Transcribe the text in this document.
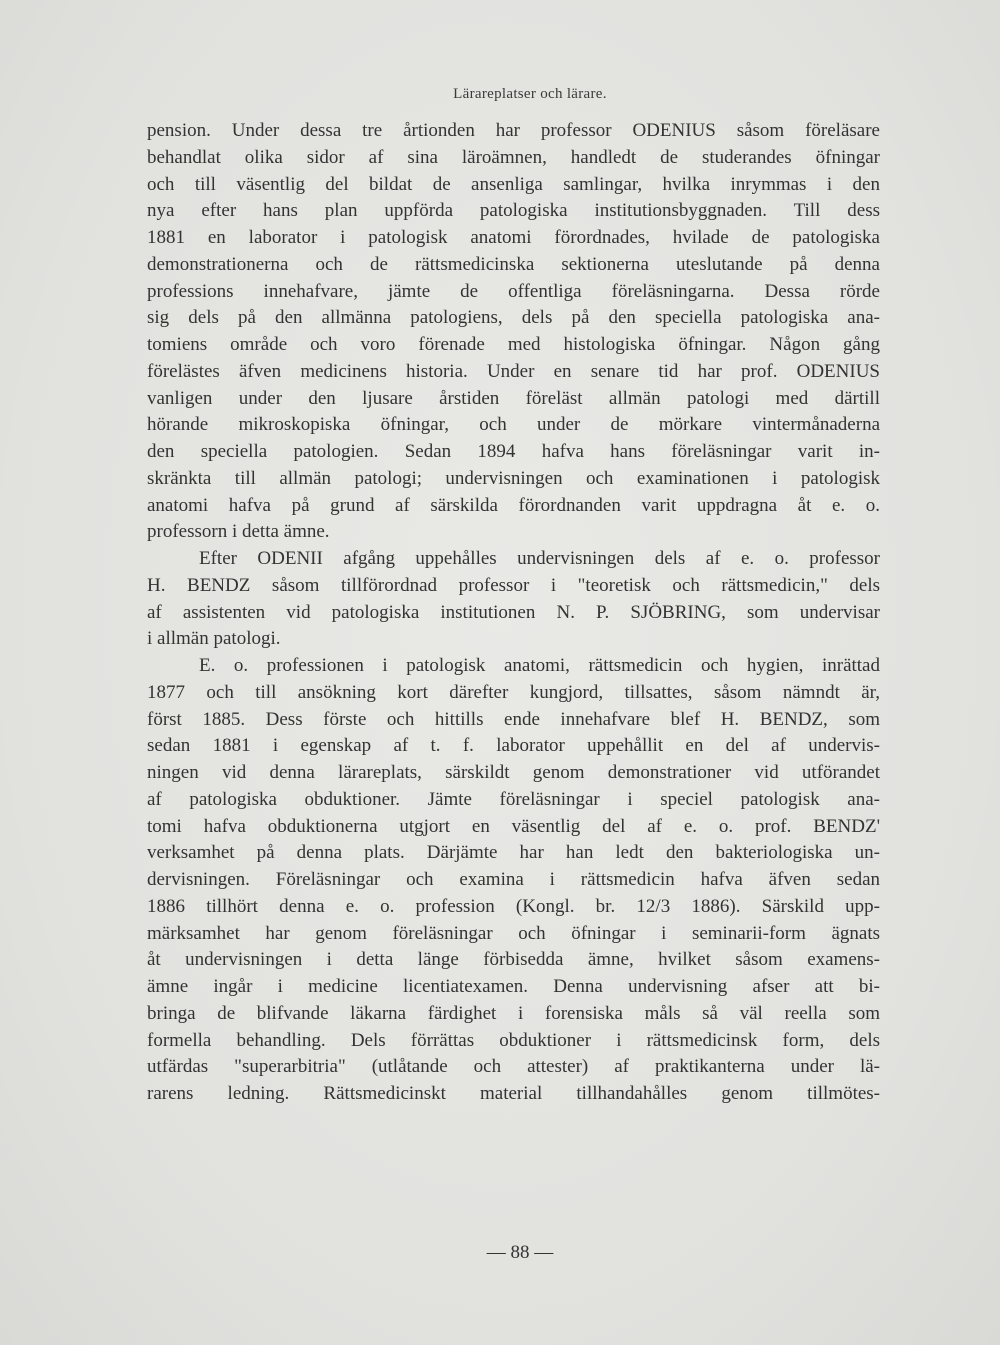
Lärareplatser och lärare.
pension. Under dessa tre årtionden har professor ODENIUS såsom föreläsare
behandlat olika sidor af sina läroämnen, handledt de studerandes öfningar
och till väsentlig del bildat de ansenliga samlingar, hvilka inrymmas i den
nya efter hans plan uppförda patologiska institutionsbyggnaden. Till dess
1881 en laborator i patologisk anatomi förordnades, hvilade de patologiska
demonstrationerna och de rättsmedicinska sektionerna uteslutande på denna
professions innehafvare, jämte de offentliga föreläsningarna. Dessa rörde
sig dels på den allmänna patologiens, dels på den speciella patologiska ana-
tomiens område och voro förenade med histologiska öfningar. Någon gång
förelästes äfven medicinens historia. Under en senare tid har prof. ODENIUS
vanligen under den ljusare årstiden föreläst allmän patologi med därtill
hörande mikroskopiska öfningar, och under de mörkare vintermånaderna
den speciella patologien. Sedan 1894 hafva hans föreläsningar varit in-
skränkta till allmän patologi; undervisningen och examinationen i patologisk
anatomi hafva på grund af särskilda förordnanden varit uppdragna åt e. o.
professorn i detta ämne.
Efter ODENII afgång uppehålles undervisningen dels af e. o. professor
H. BENDZ såsom tillförordnad professor i "teoretisk och rättsmedicin," dels
af assistenten vid patologiska institutionen N. P. SJÖBRING, som undervisar
i allmän patologi.
E. o. professionen i patologisk anatomi, rättsmedicin och hygien, inrättad
1877 och till ansökning kort därefter kungjord, tillsattes, såsom nämndt är,
först 1885. Dess förste och hittills ende innehafvare blef H. BENDZ, som
sedan 1881 i egenskap af t. f. laborator uppehållit en del af undervis-
ningen vid denna lärareplats, särskildt genom demonstrationer vid utförandet
af patologiska obduktioner. Jämte föreläsningar i speciel patologisk ana-
tomi hafva obduktionerna utgjort en väsentlig del af e. o. prof. BENDZ'
verksamhet på denna plats. Därjämte har han ledt den bakteriologiska un-
dervisningen. Föreläsningar och examina i rättsmedicin hafva äfven sedan
1886 tillhört denna e. o. profession (Kongl. br. 12/3 1886). Särskild upp-
märksamhet har genom föreläsningar och öfningar i seminarii-form ägnats
åt undervisningen i detta länge förbisedda ämne, hvilket såsom examens-
ämne ingår i medicine licentiatexamen. Denna undervisning afser att bi-
bringa de blifvande läkarna färdighet i forensiska måls så väl reella som
formella behandling. Dels förrättas obduktioner i rättsmedicinsk form, dels
utfärdas "superarbitria" (utlåtande och attester) af praktikanterna under lä-
rarens ledning. Rättsmedicinskt material tillhandahålles genom tillmötes-
— 88 —
